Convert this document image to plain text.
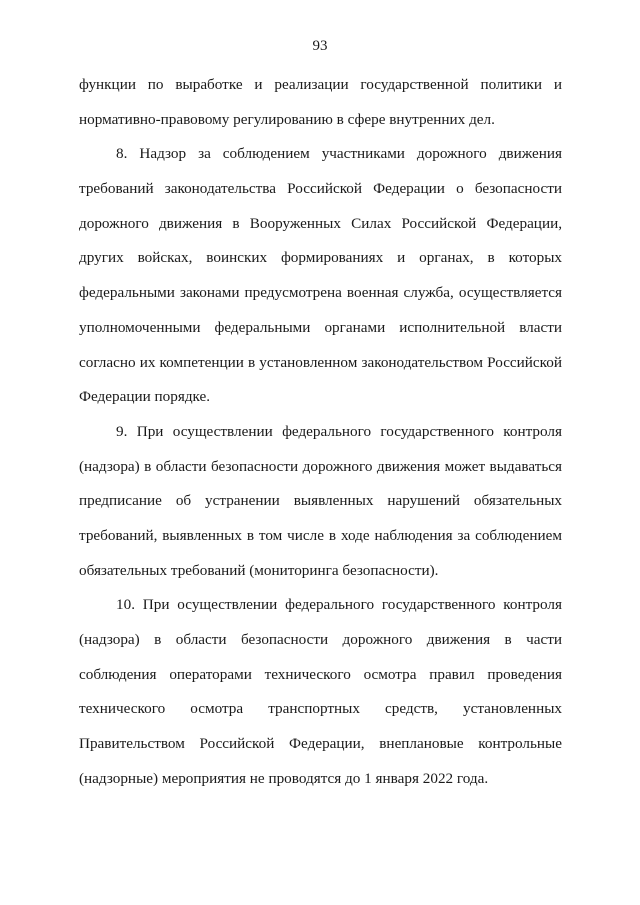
93
функции по выработке и реализации государственной политики и
нормативно-правовому регулированию в сфере внутренних дел.
8. Надзор за соблюдением участниками дорожного движения
требований законодательства Российской Федерации о безопасности
дорожного движения в Вооруженных Силах Российской Федерации,
других войсках, воинских формированиях и органах, в которых
федеральными законами предусмотрена военная служба, осуществляется
уполномоченными федеральными органами исполнительной власти
согласно их компетенции в установленном законодательством Российской
Федерации порядке.
9. При осуществлении федерального государственного контроля
(надзора) в области безопасности дорожного движения может выдаваться
предписание об устранении выявленных нарушений обязательных
требований, выявленных в том числе в ходе наблюдения за соблюдением
обязательных требований (мониторинга безопасности).
10. При осуществлении федерального государственного контроля
(надзора) в области безопасности дорожного движения в части
соблюдения операторами технического осмотра правил проведения
технического осмотра транспортных средств, установленных
Правительством Российской Федерации, внеплановые контрольные
(надзорные) мероприятия не проводятся до 1 января 2022 года.
